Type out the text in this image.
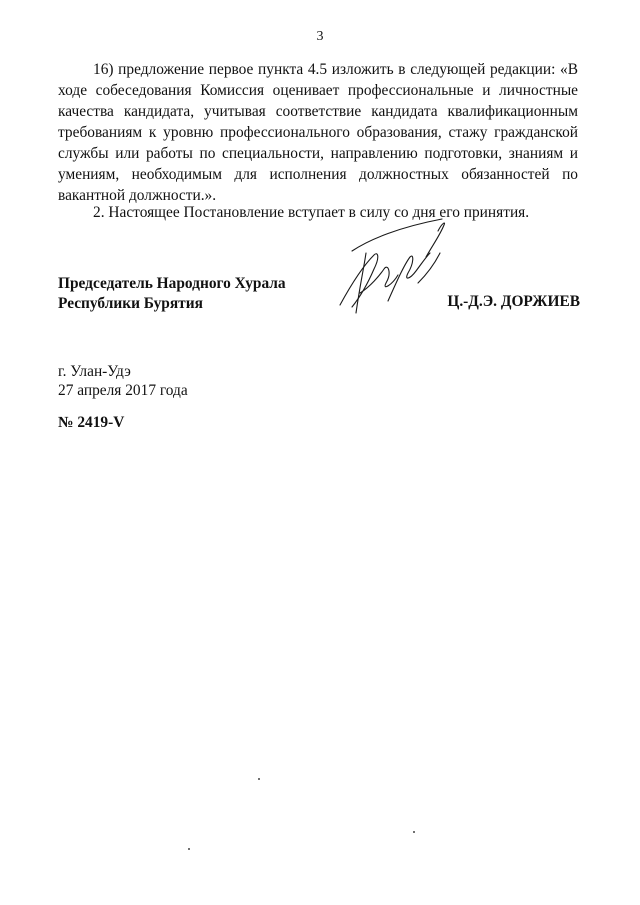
3

16) предложение первое пункта 4.5 изложить в следующей редакции: «В ходе собеседования Комиссия оценивает профессиональные и личностные качества кандидата, учитывая соответствие кандидата квалификационным требованиям к уровню профессионального образования, стажу гражданской службы или работы по специальности, направлению подготовки, знаниям и умениям, необходимым для исполнения должностных обязанностей по вакантной должности.».

2. Настоящее Постановление вступает в силу со дня его принятия.

Председатель Народного Хурала
Республики Бурятия	Ц.-Д.Э. ДОРЖИЕВ
г. Улан-Удэ
27 апреля 2017 года
№ 2419-V
